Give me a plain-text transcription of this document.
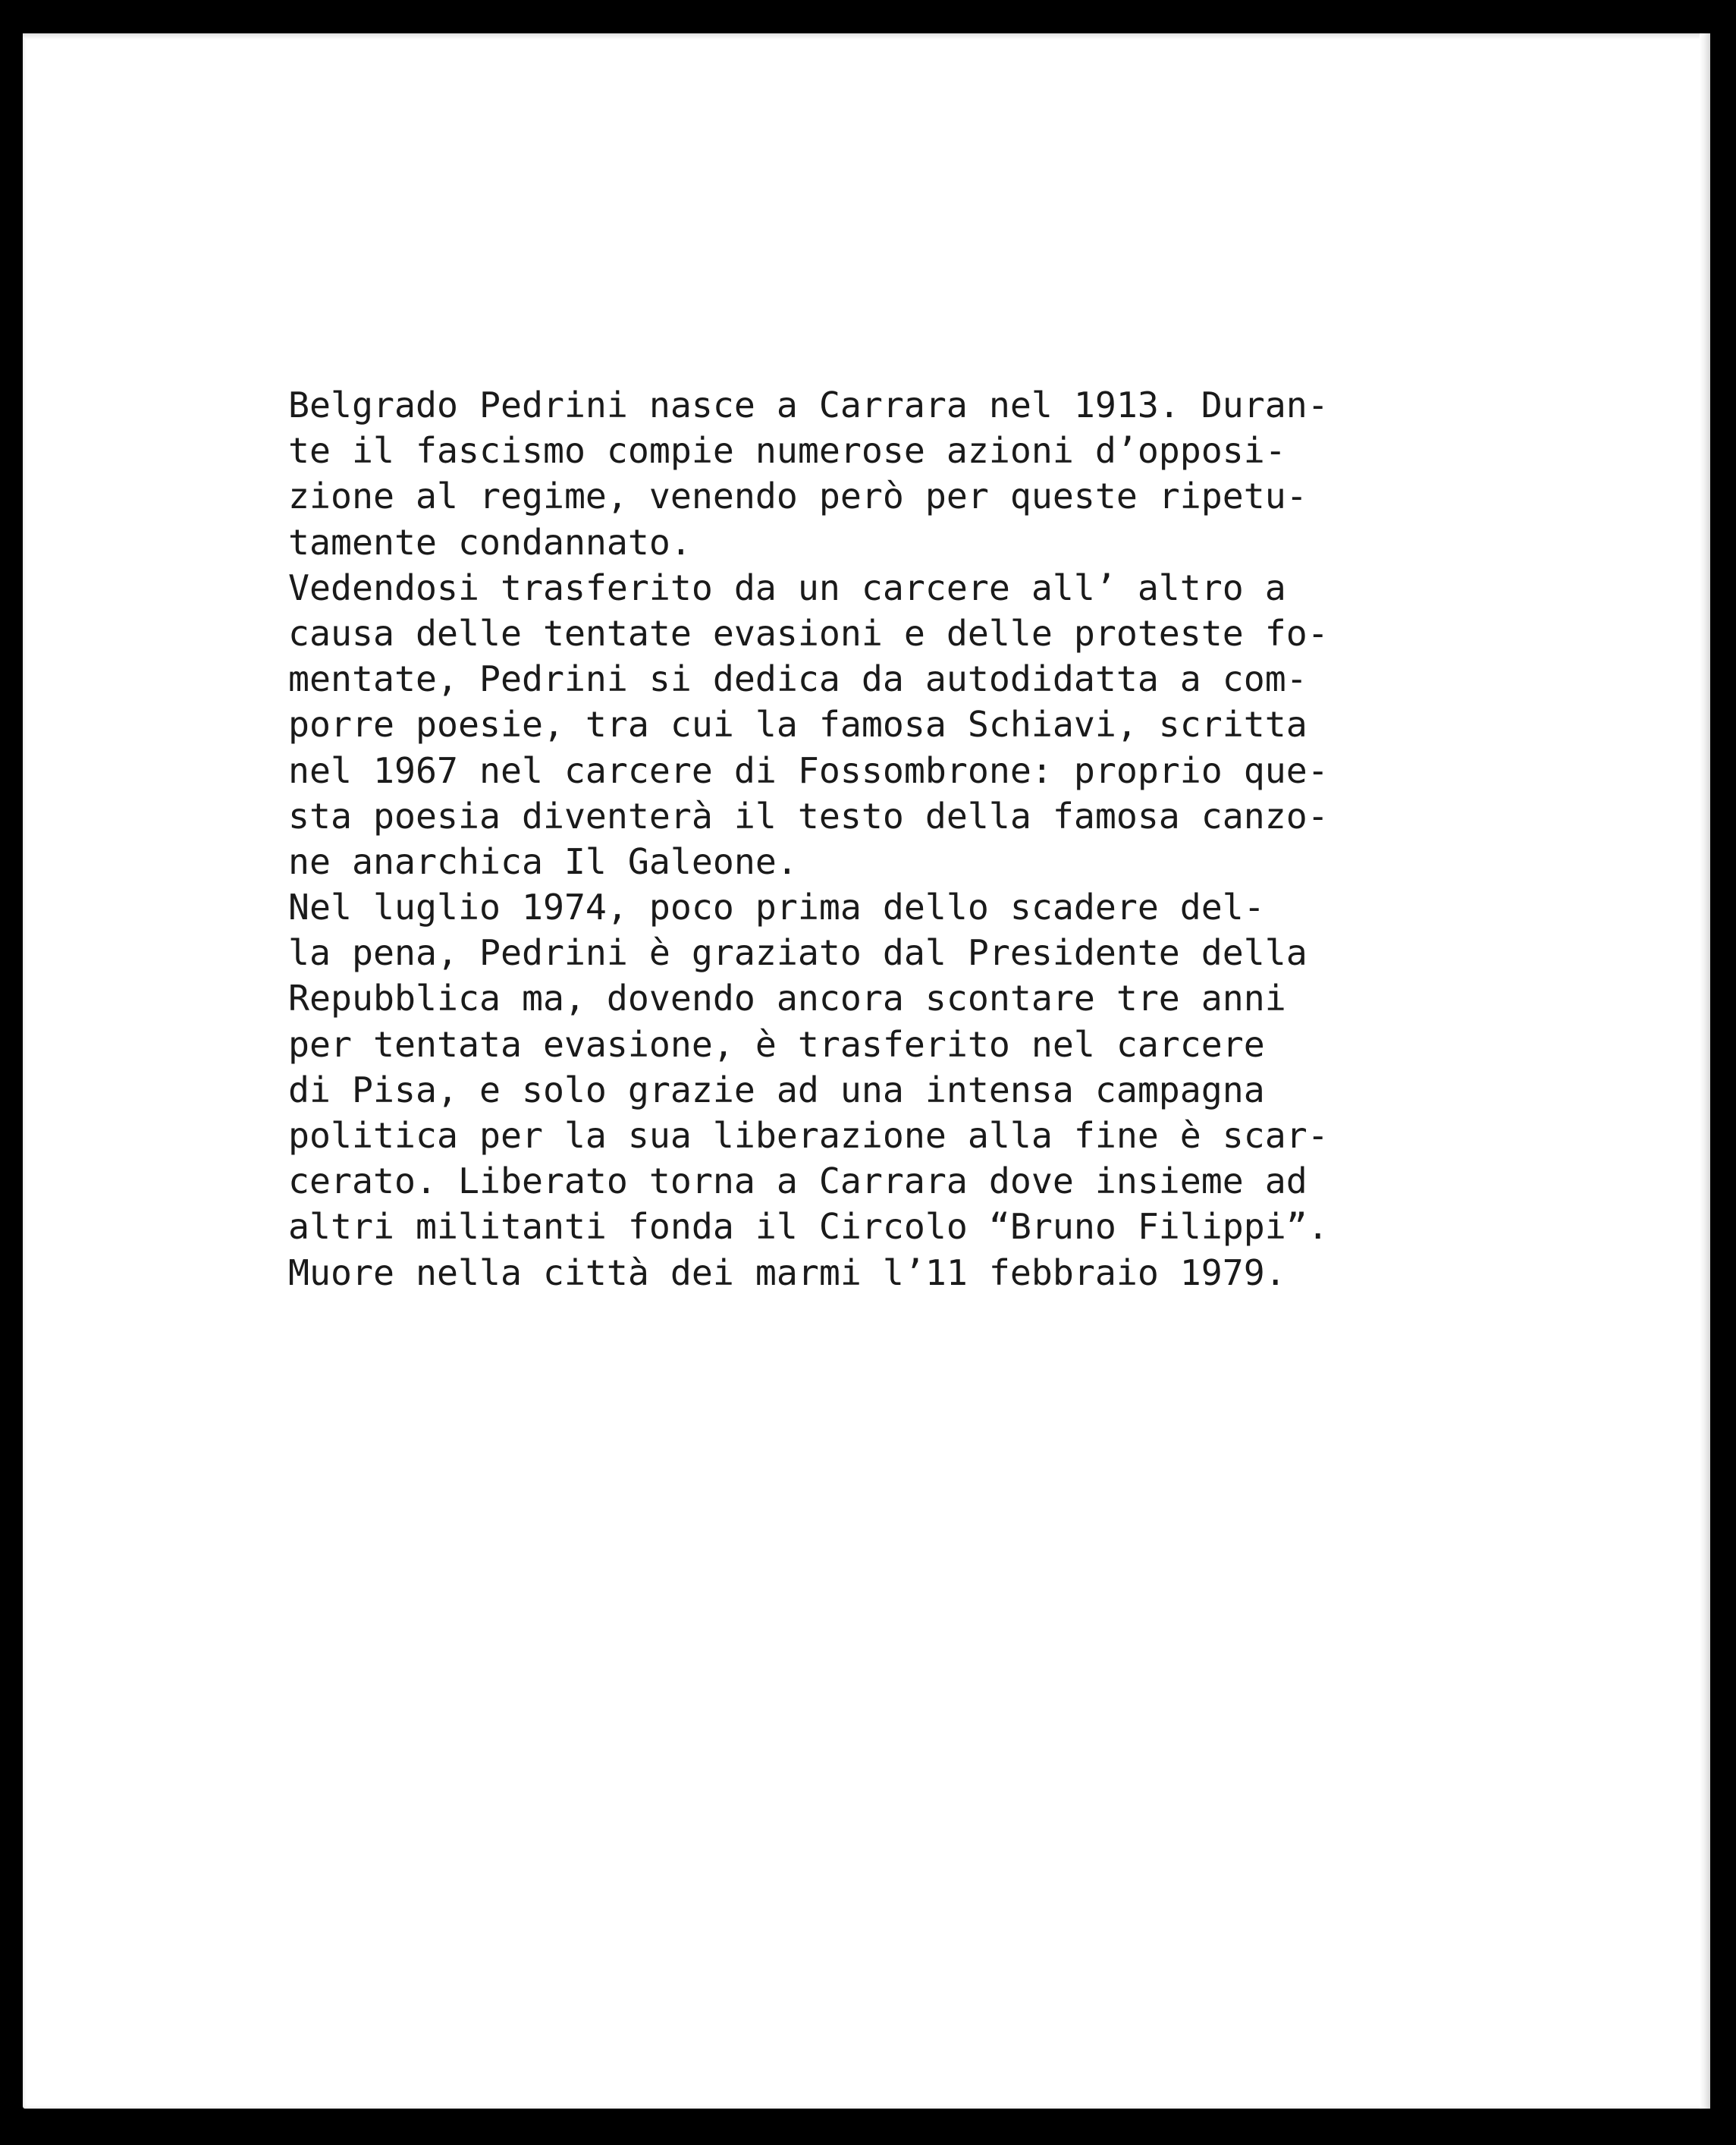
Belgrado Pedrini nasce a Carrara nel 1913. Duran-
te il fascismo compie numerose azioni d’opposi-
zione al regime, venendo però per queste ripetu-
tamente condannato.
Vedendosi trasferito da un carcere all’ altro a
causa delle tentate evasioni e delle proteste fo-
mentate, Pedrini si dedica da autodidatta a com-
porre poesie, tra cui la famosa Schiavi, scritta
nel 1967 nel carcere di Fossombrone: proprio que-
sta poesia diventerà il testo della famosa canzo-
ne anarchica Il Galeone.
Nel luglio 1974, poco prima dello scadere del-
la pena, Pedrini è graziato dal Presidente della
Repubblica ma, dovendo ancora scontare tre anni
per tentata evasione, è trasferito nel carcere
di Pisa, e solo grazie ad una intensa campagna
politica per la sua liberazione alla fine è scar-
cerato. Liberato torna a Carrara dove insieme ad
altri militanti fonda il Circolo “Bruno Filippi”.
Muore nella città dei marmi l’11 febbraio 1979.
